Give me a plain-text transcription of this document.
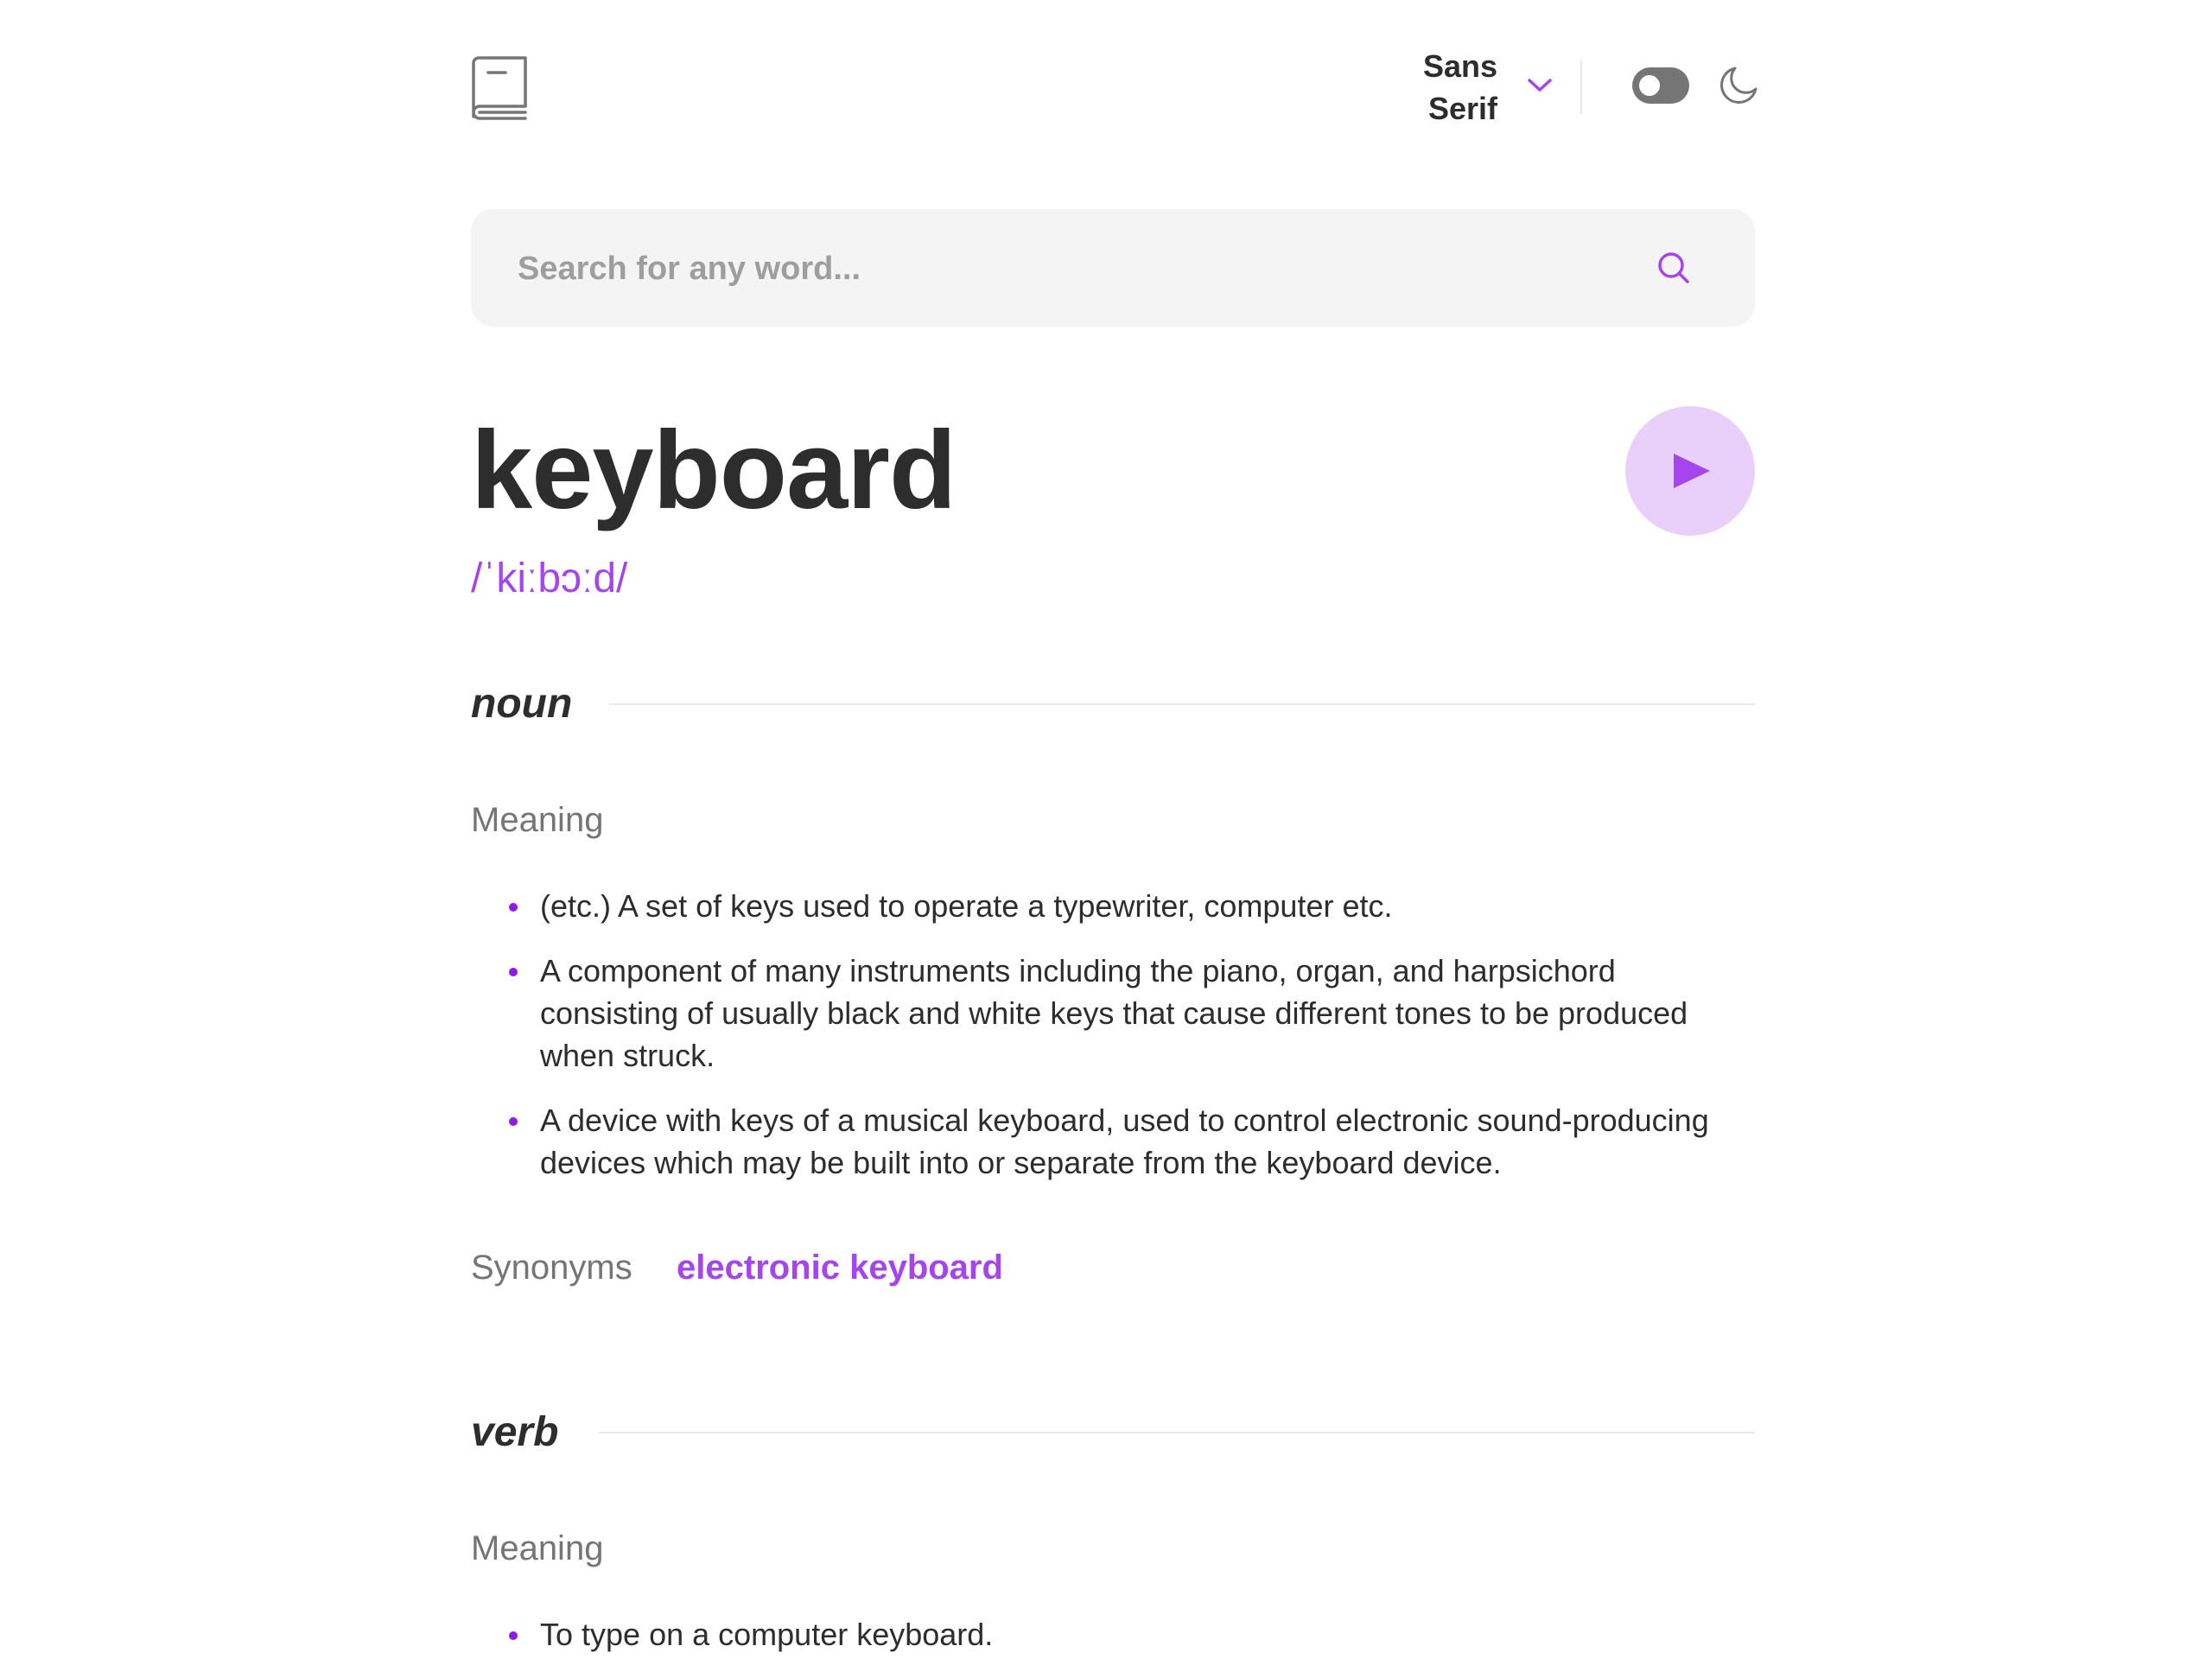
Sans Serif
Search for any word...
keyboard
/ˈkiːbɔːd/
noun
Meaning
(etc.) A set of keys used to operate a typewriter, computer etc.
A component of many instruments including the piano, organ, and harpsichord consisting of usually black and white keys that cause different tones to be produced when struck.
A device with keys of a musical keyboard, used to control electronic sound-producing devices which may be built into or separate from the keyboard device.
Synonyms electronic keyboard
verb
Meaning
To type on a computer keyboard.
